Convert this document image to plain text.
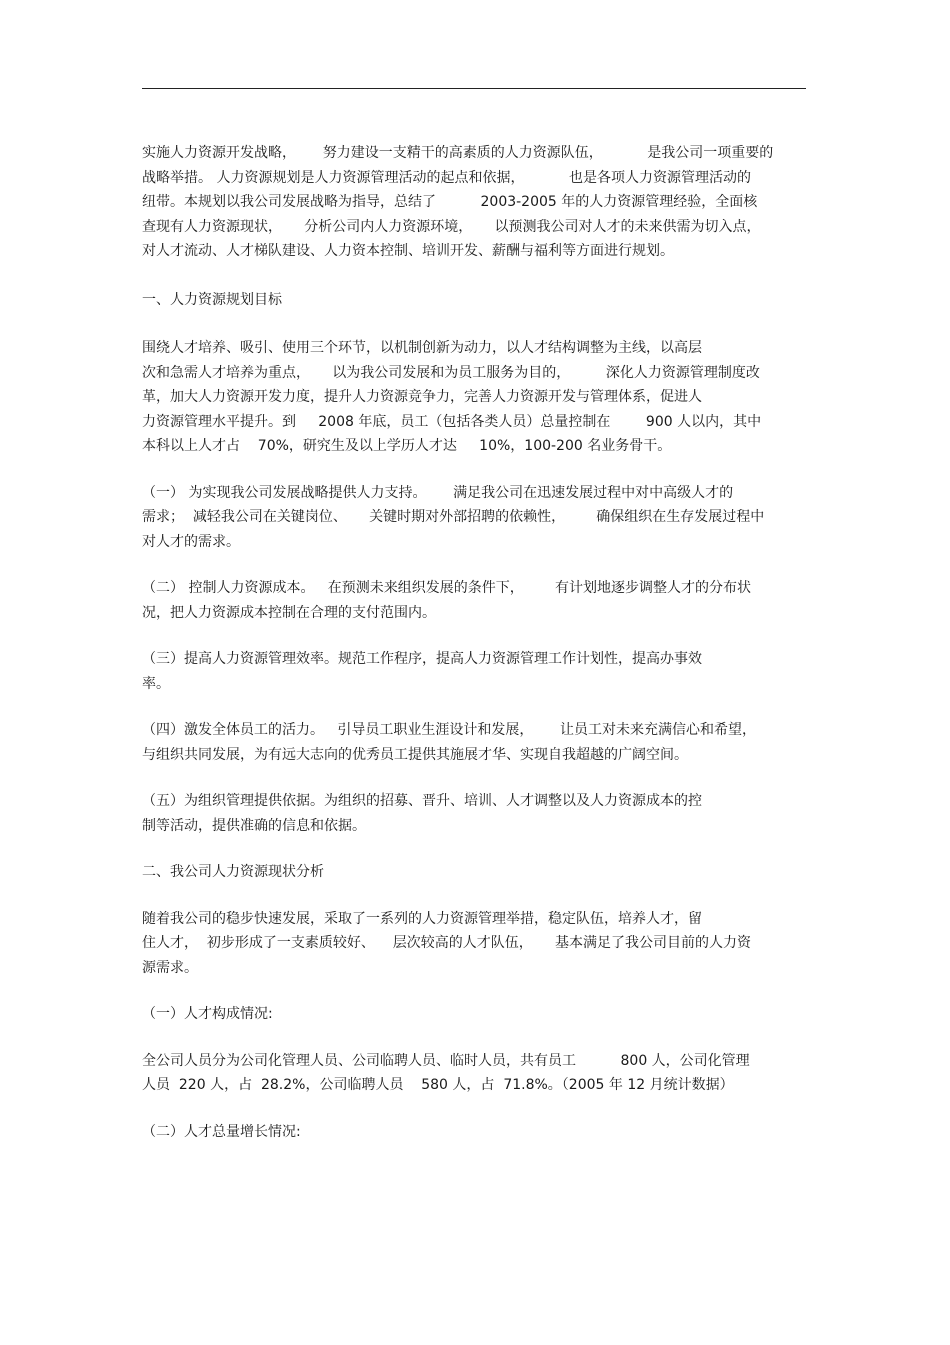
实施人力资源开发战略，      努力建设一支精干的高素质的人力资源队伍，          是我公司一项重要的
战略举措。 人力资源规划是人力资源管理活动的起点和依据，          也是各项人力资源管理活动的
纽带。本规划以我公司发展战略为指导，总结了          2003-2005 年的人力资源管理经验，全面核
查现有人力资源现状，     分析公司内人力资源环境，     以预测我公司对人才的未来供需为切入点，
对人才流动、人才梯队建设、人力资本控制、培训开发、薪酬与福利等方面进行规划。
一、人力资源规划目标
围绕人才培养、吸引、使用三个环节，以机制创新为动力，以人才结构调整为主线，以高层
次和急需人才培养为重点，     以为我公司发展和为员工服务为目的，        深化人力资源管理制度改
革，加大人力资源开发力度，提升人力资源竞争力，完善人力资源开发与管理体系，促进人
力资源管理水平提升。到     2008 年底，员工（包括各类人员）总量控制在        900 人以内，其中
本科以上人才占    70%，研究生及以上学历人才达     10%，100-200 名业务骨干。
（一） 为实现我公司发展战略提供人力支持。      满足我公司在迅速发展过程中对中高级人才的
需求；  减轻我公司在关键岗位、     关键时期对外部招聘的依赖性，       确保组织在生存发展过程中
对人才的需求。
（二） 控制人力资源成本。   在预测未来组织发展的条件下，       有计划地逐步调整人才的分布状
况，把人力资源成本控制在合理的支付范围内。
（三）提高人力资源管理效率。规范工作程序，提高人力资源管理工作计划性，提高办事效
率。
（四）激发全体员工的活力。   引导员工职业生涯设计和发展，      让员工对未来充满信心和希望，
与组织共同发展，为有远大志向的优秀员工提供其施展才华、实现自我超越的广阔空间。
（五）为组织管理提供依据。为组织的招募、晋升、培训、人才调整以及人力资源成本的控
制等活动，提供准确的信息和依据。
二、我公司人力资源现状分析
随着我公司的稳步快速发展，采取了一系列的人力资源管理举措，稳定队伍，培养人才，留
住人才，  初步形成了一支素质较好、    层次较高的人才队伍，     基本满足了我公司目前的人力资
源需求。
（一）人才构成情况:
全公司人员分为公司化管理人员、公司临聘人员、临时人员，共有员工          800 人，公司化管理
人员  220 人，占  28.2%，公司临聘人员    580 人，占  71.8%。（2005 年 12 月统计数据）
（二）人才总量增长情况:
